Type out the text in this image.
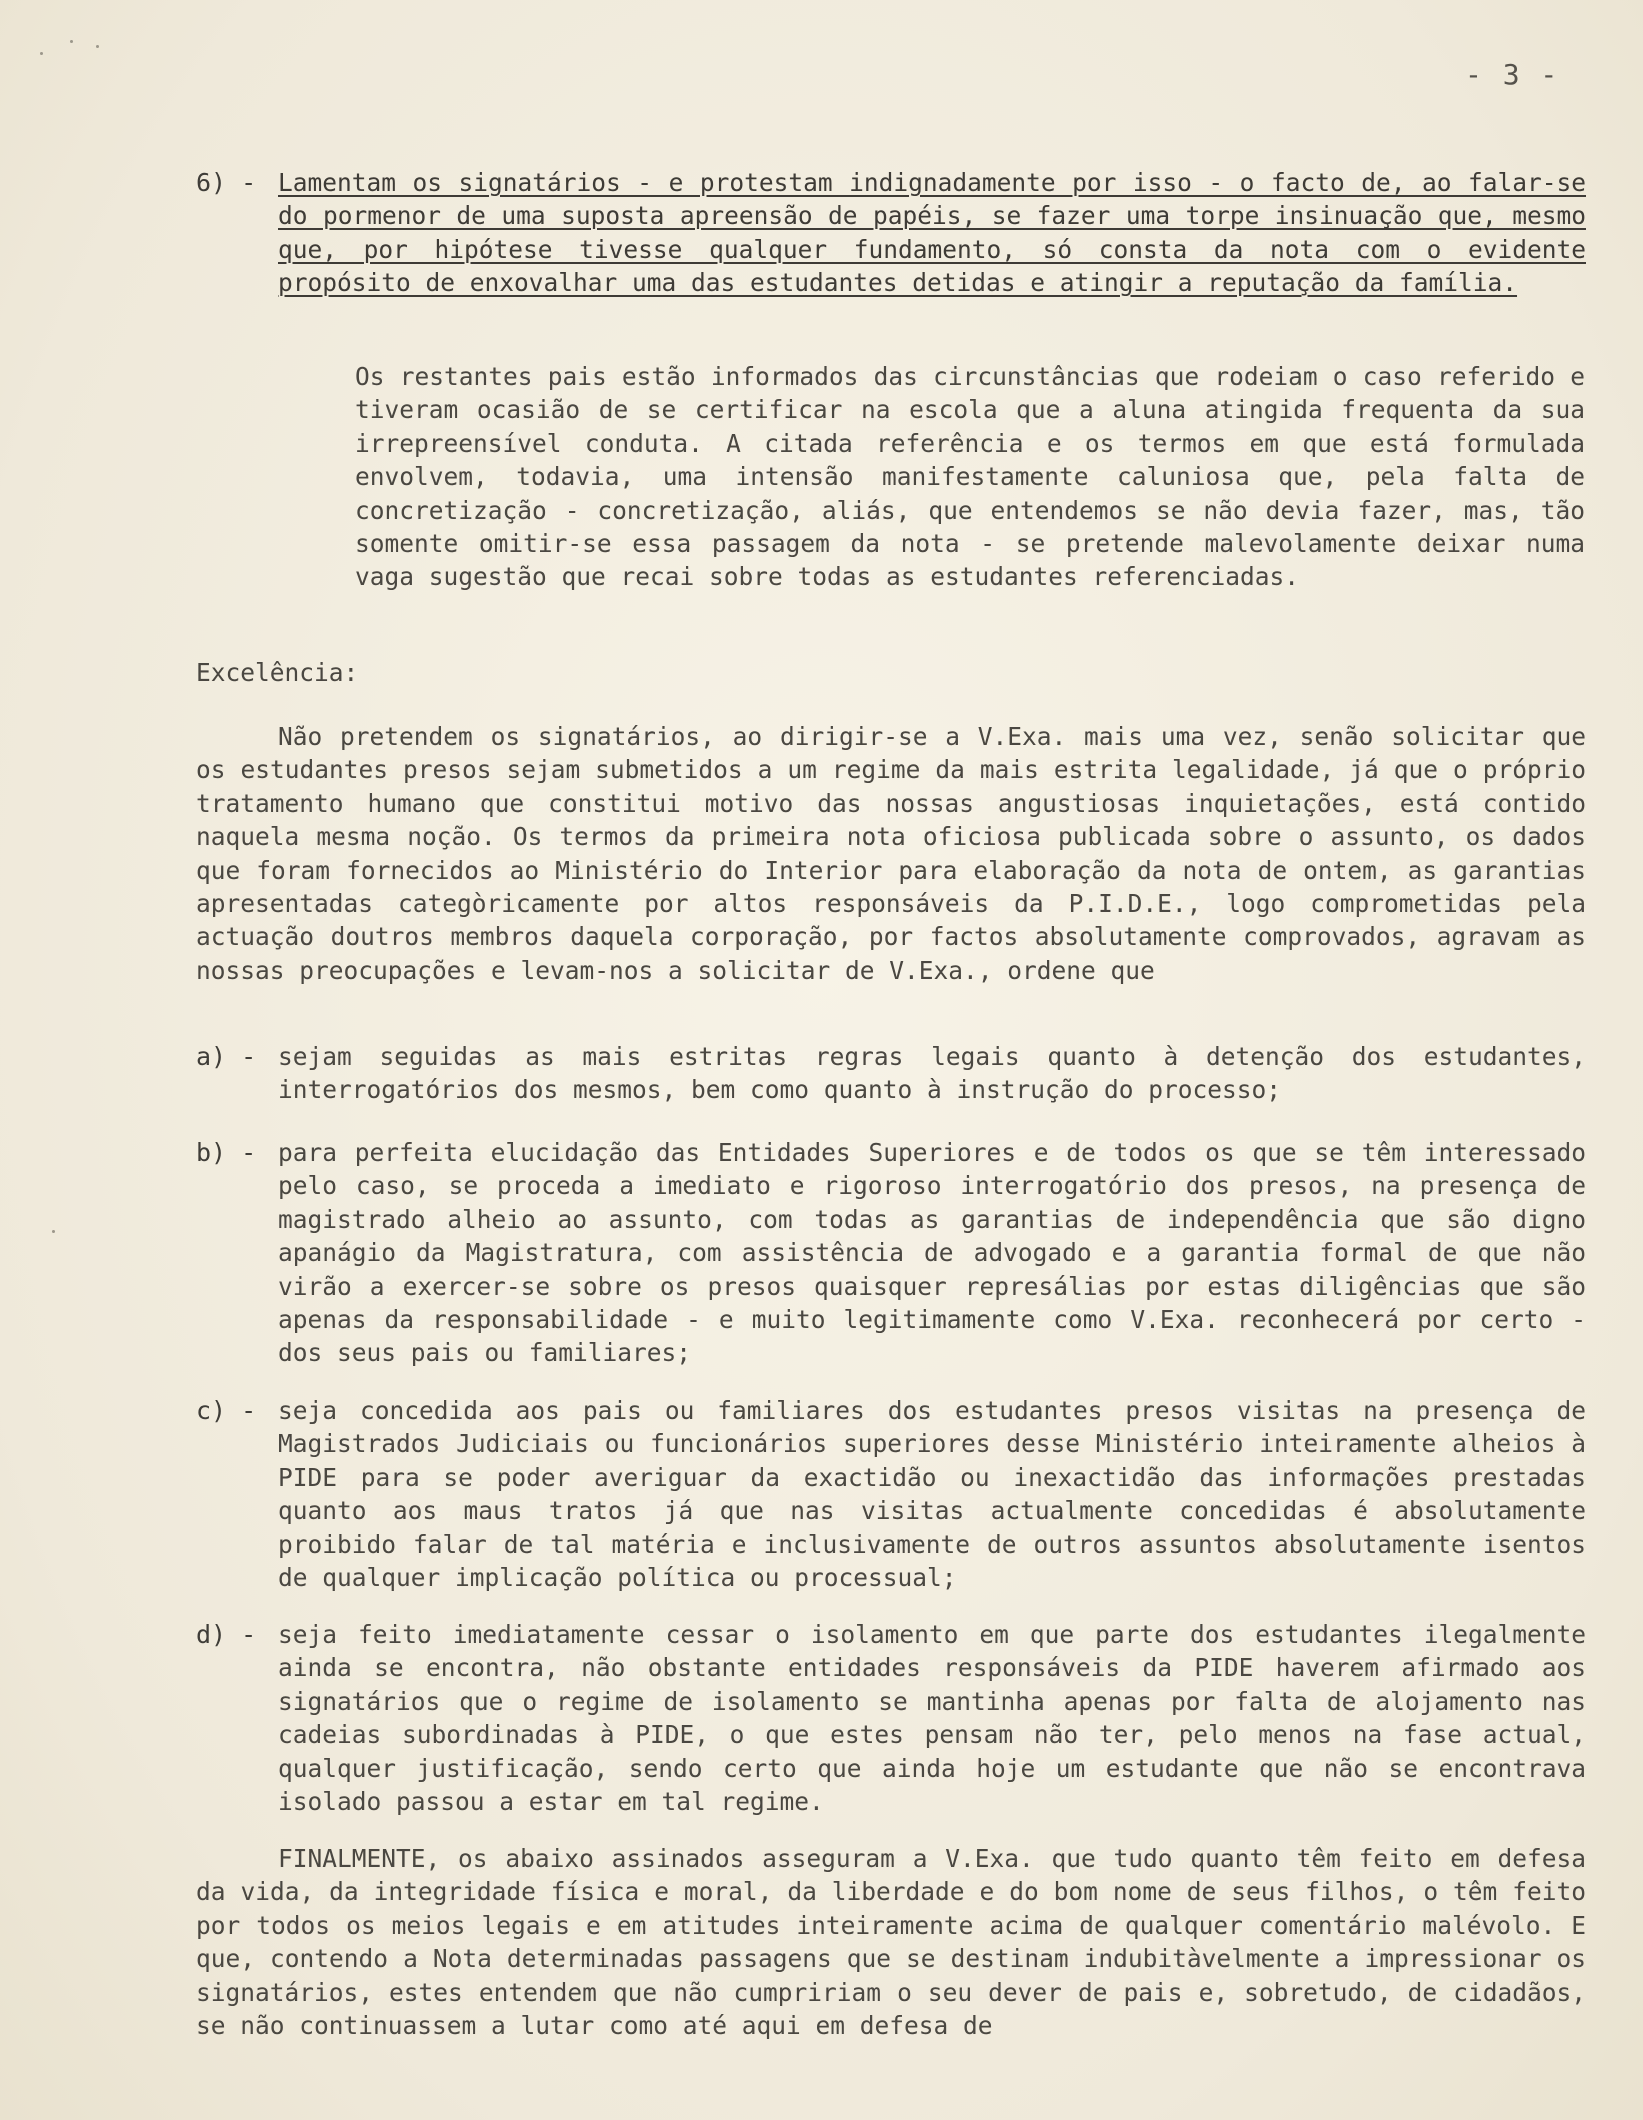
- 3 -
6) - Lamentam os signatários - e protestam indignadamente por isso - o facto de, ao falar-se do pormenor de uma suposta apreensão de papéis, se fazer uma torpe insinuação que, mesmo que, por hipótese tivesse qualquer fundamento, só consta da nota com o evidente propósito de enxovalhar uma das estudantes detidas e atingir a reputação da família.

Os restantes pais estão informados das circunstâncias que rodeiam o caso referido e tiveram ocasião de se certificar na escola que a aluna atingida frequenta da sua irrepreensível conduta. A citada referência e os termos em que está formulada envolvem, todavia, uma intensão manifestamente caluniosa que, pela falta de concretização - concretização, aliás, que entendemos se não devia fazer, mas, tão somente omitir-se essa passagem da nota - se pretende malevolamente deixar numa vaga sugestão que recai sobre todas as estudantes referenciadas.

Excelência:

Não pretendem os signatários, ao dirigir-se a V.Exa. mais uma vez, senão solicitar que os estudantes presos sejam submetidos a um regime da mais estrita legalidade, já que o próprio tratamento humano que constitui motivo das nossas angustiosas inquietações, está contido naquela mesma noção. Os termos da primeira nota oficiosa publicada sobre o assunto, os dados que foram fornecidos ao Ministério do Interior para elaboração da nota de ontem, as garantias apresentadas categòricamente por altos responsáveis da P.I.D.E., logo comprometidas pela actuação doutros membros daquela corporação, por factos absolutamente comprovados, agravam as nossas preocupações e levam-nos a solicitar de V.Exa., ordene que

a) - sejam seguidas as mais estritas regras legais quanto à detenção dos estudantes, interrogatórios dos mesmos, bem como quanto à instrução do processo;

b) - para perfeita elucidação das Entidades Superiores e de todos os que se têm interessado pelo caso, se proceda a imediato e rigoroso interrogatório dos presos, na presença de magistrado alheio ao assunto, com todas as garantias de independência que são digno apanágio da Magistratura, com assistência de advogado e a garantia formal de que não virão a exercer-se sobre os presos quaisquer represálias por estas diligências que são apenas da responsabilidade - e muito legitimamente como V.Exa. reconhecerá por certo - dos seus pais ou familiares;

c) - seja concedida aos pais ou familiares dos estudantes presos visitas na presença de Magistrados Judiciais ou funcionários superiores desse Ministério inteiramente alheios à PIDE para se poder averiguar da exactidão ou inexactidão das informações prestadas quanto aos maus tratos já que nas visitas actualmente concedidas é absolutamente proibido falar de tal matéria e inclusivamente de outros assuntos absolutamente isentos de qualquer implicação política ou processual;

d) - seja feito imediatamente cessar o isolamento em que parte dos estudantes ilegalmente ainda se encontra, não obstante entidades responsáveis da PIDE haverem afirmado aos signatários que o regime de isolamento se mantinha apenas por falta de alojamento nas cadeias subordinadas à PIDE, o que estes pensam não ter, pelo menos na fase actual, qualquer justificação, sendo certo que ainda hoje um estudante que não se encontrava isolado passou a estar em tal regime.

FINALMENTE, os abaixo assinados asseguram a V.Exa. que tudo quanto têm feito em defesa da vida, da integridade física e moral, da liberdade e do bom nome de seus filhos, o têm feito por todos os meios legais e em atitudes inteiramente acima de qualquer comentário malévolo. E que, contendo a Nota determinadas passagens que se destinam indubitàvelmente a impressionar os signatários, estes entendem que não cumpririam o seu dever de pais e, sobretudo, de cidadãos, se não continuassem a lutar como até aqui em defesa de
